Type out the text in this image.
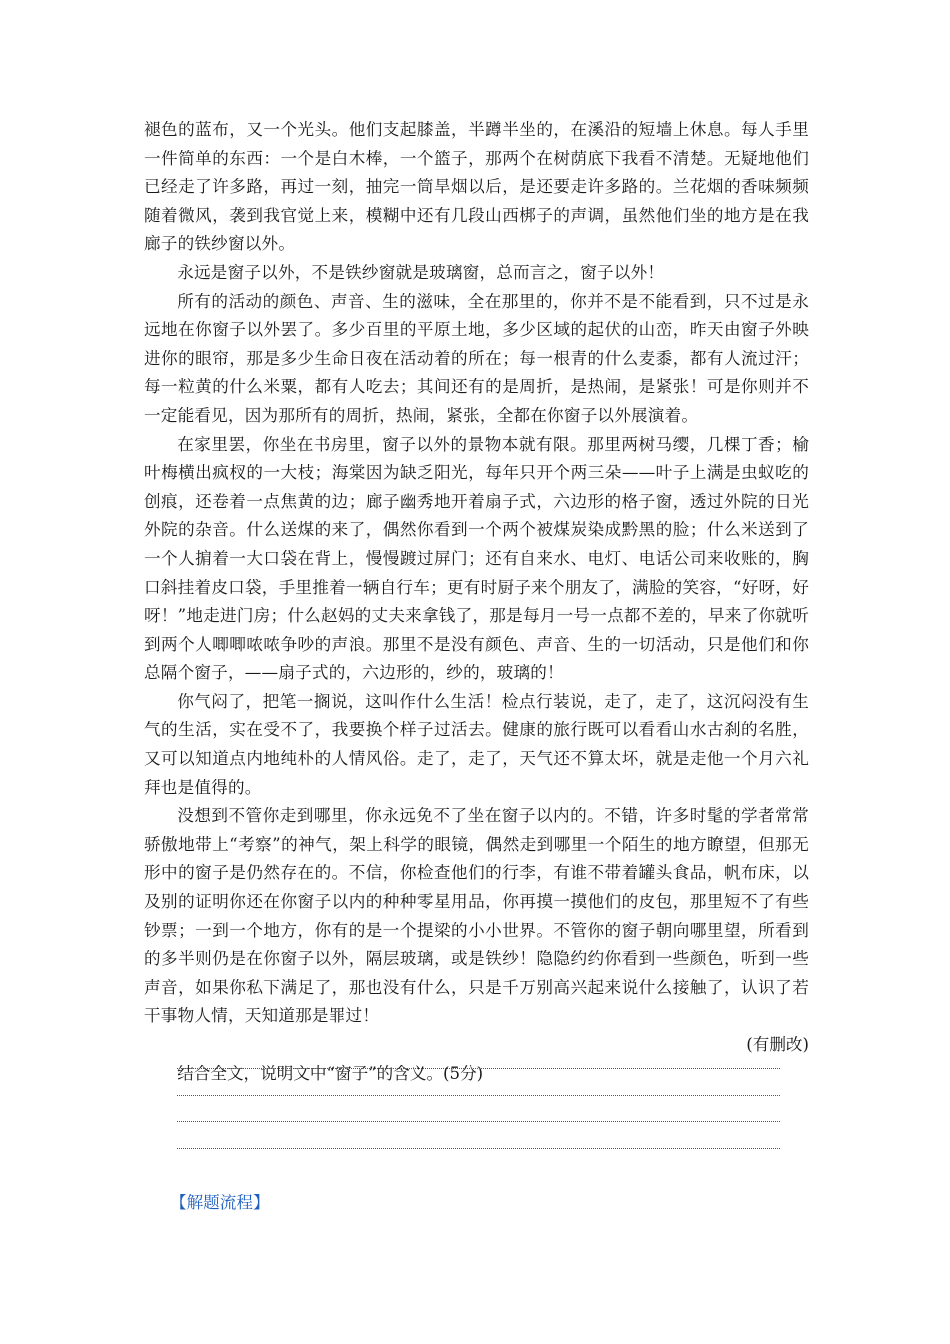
褪色的蓝布，又一个光头。他们支起膝盖，半蹲半坐的，在溪沿的短墙上休息。每人手里一件简单的东西：一个是白木棒，一个篮子，那两个在树荫底下我看不清楚。无疑地他们已经走了许多路，再过一刻，抽完一筒旱烟以后，是还要走许多路的。兰花烟的香味频频随着微风，袭到我官觉上来，模糊中还有几段山西梆子的声调，虽然他们坐的地方是在我廊子的铁纱窗以外。

永远是窗子以外，不是铁纱窗就是玻璃窗，总而言之，窗子以外！

所有的活动的颜色、声音、生的滋味，全在那里的，你并不是不能看到，只不过是永远地在你窗子以外罢了。多少百里的平原土地，多少区域的起伏的山峦，昨天由窗子外映进你的眼帘，那是多少生命日夜在活动着的所在；每一根青的什么麦黍，都有人流过汗；每一粒黄的什么米粟，都有人吃去；其间还有的是周折，是热闹，是紧张！可是你则并不一定能看见，因为那所有的周折，热闹，紧张，全都在你窗子以外展演着。

在家里罢，你坐在书房里，窗子以外的景物本就有限。那里两树马缨，几棵丁香；榆叶梅横出疯杈的一大枝；海棠因为缺乏阳光，每年只开个两三朵——叶子上满是虫蚁吃的创痕，还卷着一点焦黄的边；廊子幽秀地开着扇子式，六边形的格子窗，透过外院的日光外院的杂音。什么送煤的来了，偶然你看到一个两个被煤炭染成黔黑的脸；什么米送到了一个人掮着一大口袋在背上，慢慢踱过屏门；还有自来水、电灯、电话公司来收账的，胸口斜挂着皮口袋，手里推着一辆自行车；更有时厨子来个朋友了，满脸的笑容，“好呀，好呀！”地走进门房；什么赵妈的丈夫来拿钱了，那是每月一号一点都不差的，早来了你就听到两个人唧唧哝哝争吵的声浪。那里不是没有颜色、声音、生的一切活动，只是他们和你总隔个窗子，——扇子式的，六边形的，纱的，玻璃的！

你气闷了，把笔一搁说，这叫作什么生活！检点行装说，走了，走了，这沉闷没有生气的生活，实在受不了，我要换个样子过活去。健康的旅行既可以看看山水古刹的名胜，又可以知道点内地纯朴的人情风俗。走了，走了，天气还不算太坏，就是走他一个月六礼拜也是值得的。

没想到不管你走到哪里，你永远免不了坐在窗子以内的。不错，许多时髦的学者常常骄傲地带上“考察”的神气，架上科学的眼镜，偶然走到哪里一个陌生的地方瞭望，但那无形中的窗子是仍然存在的。不信，你检查他们的行李，有谁不带着罐头食品，帆布床，以及别的证明你还在你窗子以内的种种零星用品，你再摸一摸他们的皮包，那里短不了有些钞票；一到一个地方，你有的是一个提梁的小小世界。不管你的窗子朝向哪里望，所看到的多半则仍是在你窗子以外，隔层玻璃，或是铁纱！隐隐约约你看到一些颜色，听到一些声音，如果你私下满足了，那也没有什么，只是千万别高兴起来说什么接触了，认识了若干事物人情，天知道那是罪过！

(有删改)

结合全文，说明文中“窗子”的含义。(5分)

【解题流程】
